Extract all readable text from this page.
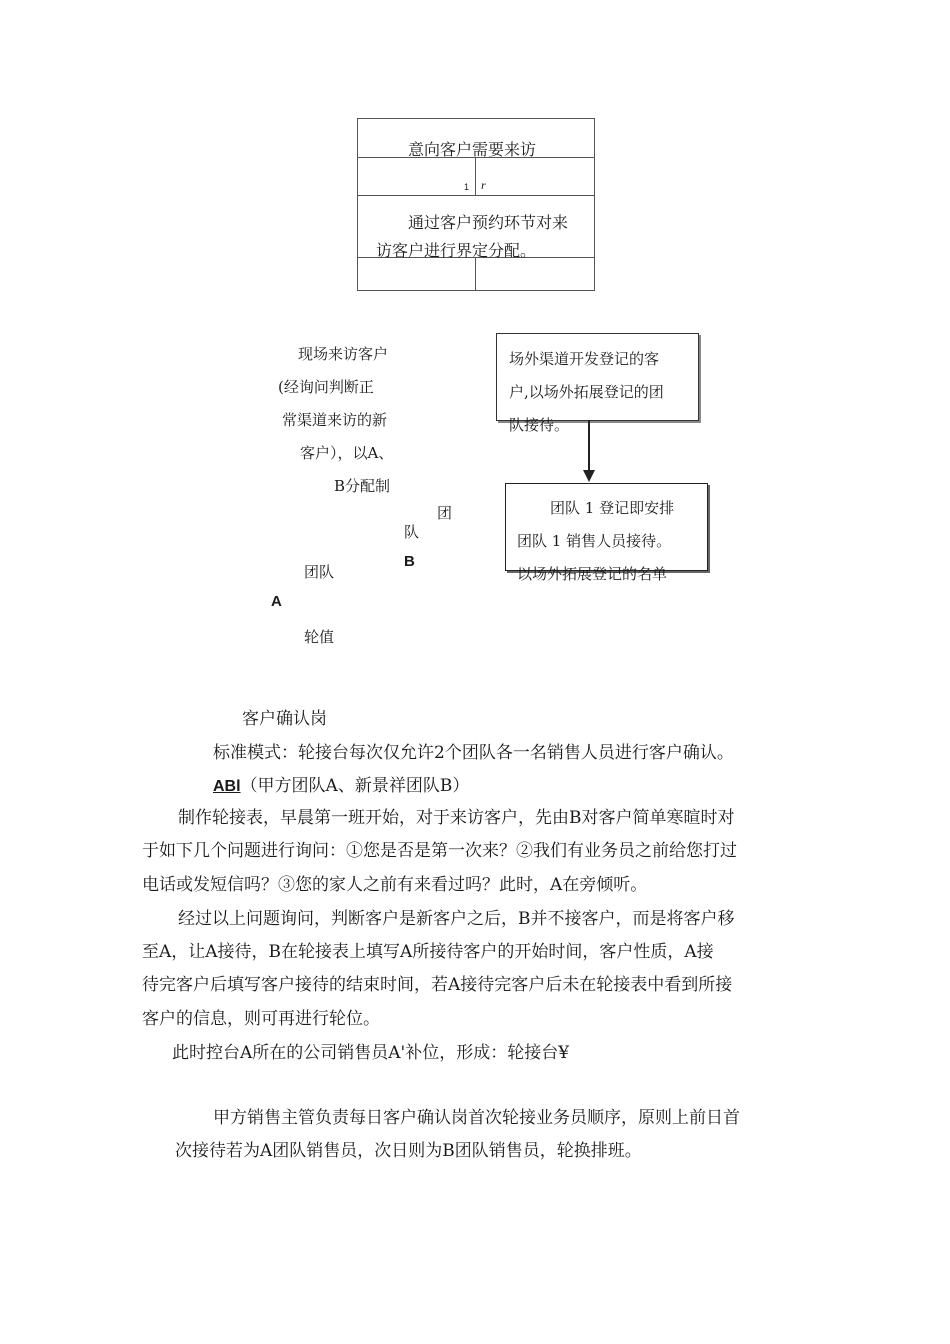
意向客户需要来访
1 r
通过客户预约环节对来
访客户进行界定分配。
现场来访客户
(经询问判断正
常渠道来访的新
客户），以A、
B分配制
团
队
B
团队
A
轮值
场外渠道开发登记的客
户,以场外拓展登记的团
队接待。
团队 1 登记即安排
团队 1 销售人员接待。
以场外拓展登记的名单
客户确认岗
标准模式：轮接台每次仅允许2个团队各一名销售人员进行客户确认。
ABl（甲方团队A、新景祥团队B）
制作轮接表，早晨第一班开始，对于来访客户，先由B对客户简单寒暄时对
于如下几个问题进行询问：①您是否是第一次来？②我们有业务员之前给您打过
电话或发短信吗？③您的家人之前有来看过吗？此时，A在旁倾听。
经过以上问题询问，判断客户是新客户之后，B并不接客户，而是将客户移
至A，让A接待，B在轮接表上填写A所接待客户的开始时间，客户性质，A接
待完客户后填写客户接待的结束时间，若A接待完客户后未在轮接表中看到所接
客户的信息，则可再进行轮位。
此时控台A所在的公司销售员A'补位，形成：轮接台¥
甲方销售主管负责每日客户确认岗首次轮接业务员顺序，原则上前日首
次接待若为A团队销售员，次日则为B团队销售员，轮换排班。
